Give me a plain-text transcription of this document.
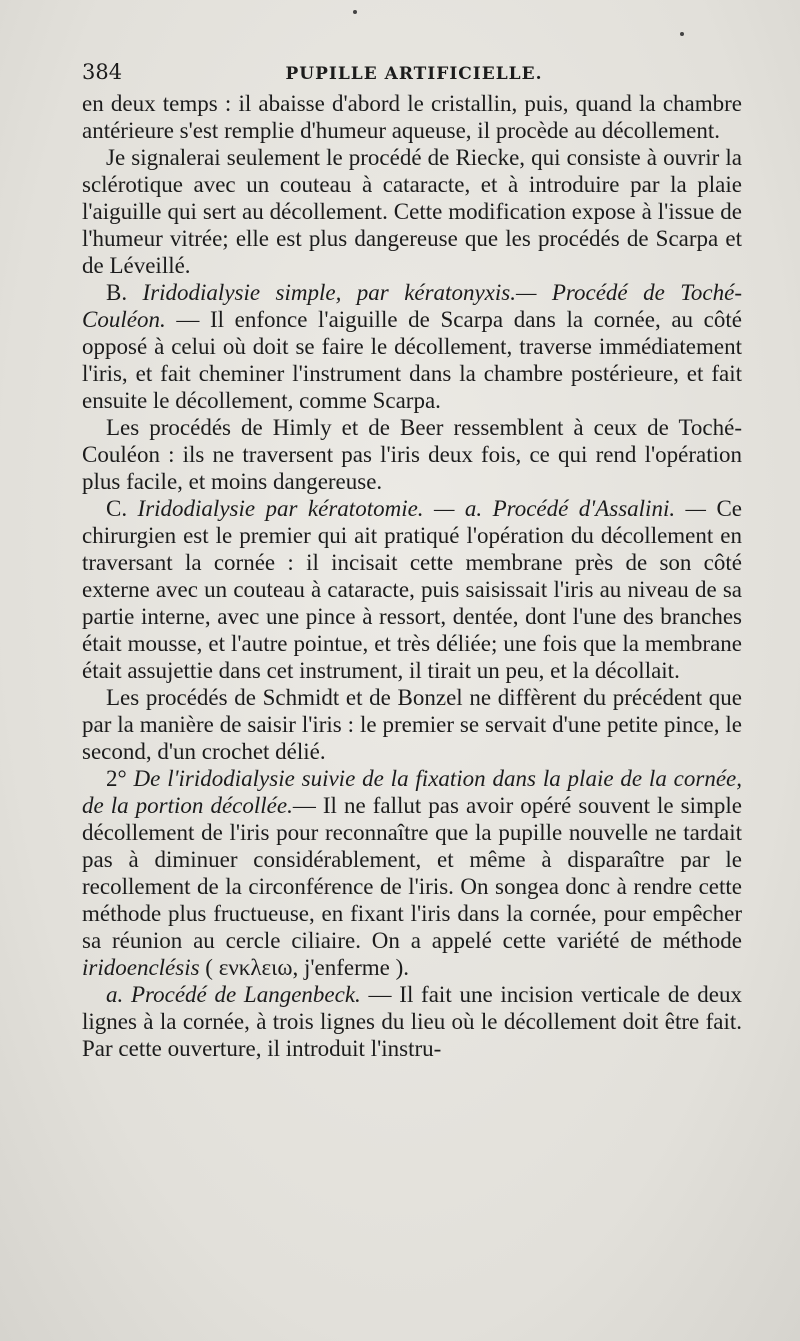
384	PUPILLE ARTIFICIELLE.

en deux temps : il abaisse d'abord le cristallin, puis, quand la chambre antérieure s'est remplie d'humeur aqueuse, il procède au décollement.

Je signalerai seulement le procédé de Riecke, qui consiste à ouvrir la sclérotique avec un couteau à cataracte, et à introduire par la plaie l'aiguille qui sert au décollement. Cette modification expose à l'issue de l'humeur vitrée; elle est plus dangereuse que les procédés de Scarpa et de Léveillé.

B. Iridodialysie simple, par kératonyxis.— Procédé de Toché-Couléon. — Il enfonce l'aiguille de Scarpa dans la cornée, au côté opposé à celui où doit se faire le décollement, traverse immédiatement l'iris, et fait cheminer l'instrument dans la chambre postérieure, et fait ensuite le décollement, comme Scarpa.

Les procédés de Himly et de Beer ressemblent à ceux de Toché-Couléon : ils ne traversent pas l'iris deux fois, ce qui rend l'opération plus facile, et moins dangereuse.

C. Iridodialysie par kératotomie. — a. Procédé d'Assalini. — Ce chirurgien est le premier qui ait pratiqué l'opération du décollement en traversant la cornée : il incisait cette membrane près de son côté externe avec un couteau à cataracte, puis saisissait l'iris au niveau de sa partie interne, avec une pince à ressort, dentée, dont l'une des branches était mousse, et l'autre pointue, et très déliée; une fois que la membrane était assujettie dans cet instrument, il tirait un peu, et la décollait.

Les procédés de Schmidt et de Bonzel ne diffèrent du précédent que par la manière de saisir l'iris : le premier se servait d'une petite pince, le second, d'un crochet délié.

2° De l'iridodialysie suivie de la fixation dans la plaie de la cornée, de la portion décollée.— Il ne fallut pas avoir opéré souvent le simple décollement de l'iris pour reconnaître que la pupille nouvelle ne tardait pas à diminuer considérablement, et même à disparaître par le recollement de la circonférence de l'iris. On songea donc à rendre cette méthode plus fructueuse, en fixant l'iris dans la cornée, pour empêcher sa réunion au cercle ciliaire. On a appelé cette variété de méthode iridoenclésis ( ενκλειω, j'enferme ).

a. Procédé de Langenbeck. — Il fait une incision verticale de deux lignes à la cornée, à trois lignes du lieu où le décollement doit être fait. Par cette ouverture, il introduit l'instru-
